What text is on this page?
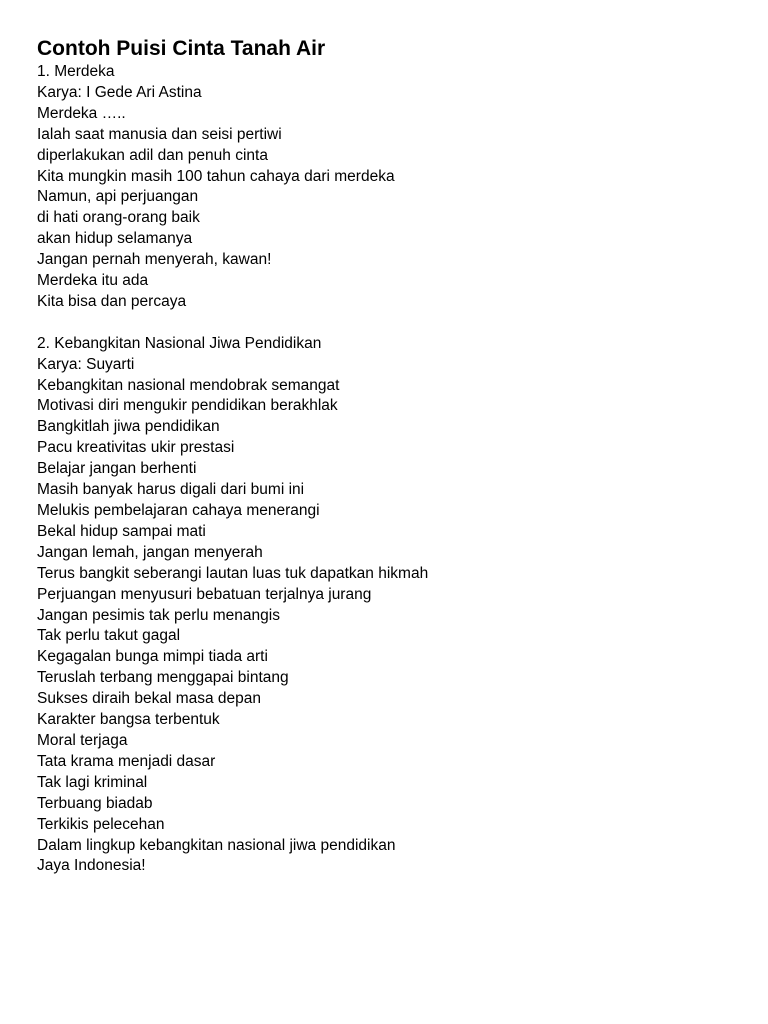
Contoh Puisi Cinta Tanah Air
1. Merdeka
Karya: I Gede Ari Astina
Merdeka …..
Ialah saat manusia dan seisi pertiwi
diperlakukan adil dan penuh cinta
Kita mungkin masih 100 tahun cahaya dari merdeka
Namun, api perjuangan
di hati orang-orang baik
akan hidup selamanya
Jangan pernah menyerah, kawan!
Merdeka itu ada
Kita bisa dan percaya
2. Kebangkitan Nasional Jiwa Pendidikan
Karya: Suyarti
Kebangkitan nasional mendobrak semangat
Motivasi diri mengukir pendidikan berakhlak
Bangkitlah jiwa pendidikan
Pacu kreativitas ukir prestasi
Belajar jangan berhenti
Masih banyak harus digali dari bumi ini
Melukis pembelajaran cahaya menerangi
Bekal hidup sampai mati
Jangan lemah, jangan menyerah
Terus bangkit seberangi lautan luas tuk dapatkan hikmah
Perjuangan menyusuri bebatuan terjalnya jurang
Jangan pesimis tak perlu menangis
Tak perlu takut gagal
Kegagalan bunga mimpi tiada arti
Teruslah terbang menggapai bintang
Sukses diraih bekal masa depan
Karakter bangsa terbentuk
Moral terjaga
Tata krama menjadi dasar
Tak lagi kriminal
Terbuang biadab
Terkikis pelecehan
Dalam lingkup kebangkitan nasional jiwa pendidikan
Jaya Indonesia!
